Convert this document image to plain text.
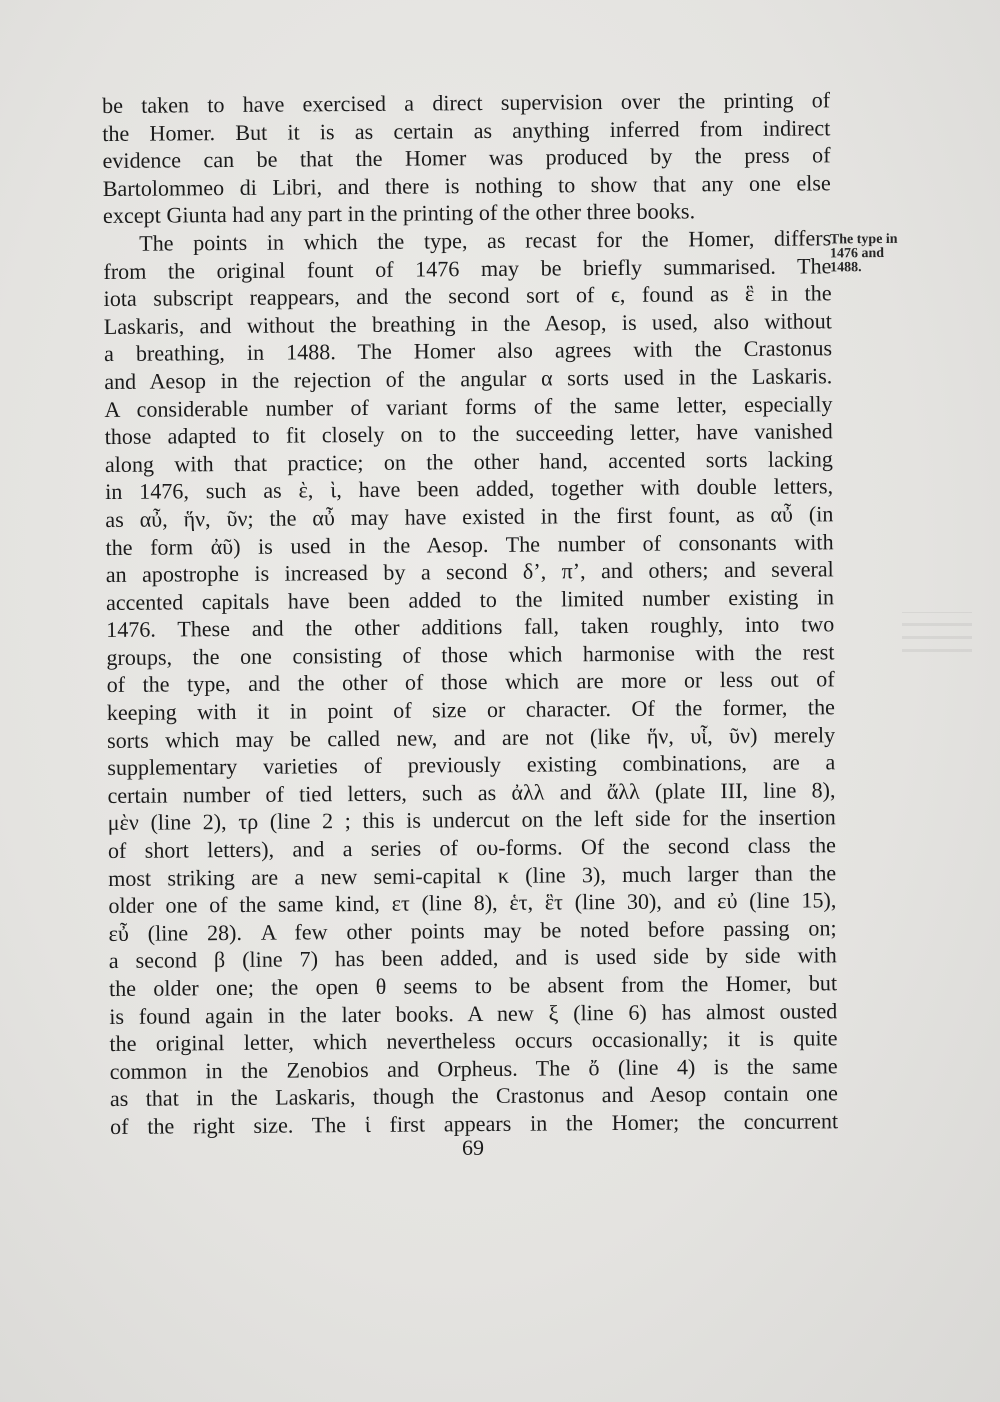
be taken to have exercised a direct supervision over the printing of
the Homer. But it is as certain as anything inferred from indirect
evidence can be that the Homer was produced by the press of
Bartolommeo di Libri, and there is nothing to show that any one else
except Giunta had any part in the printing of the other three books.
The points in which the type, as recast for the Homer, differs
from the original fount of 1476 may be briefly summarised. The
iota subscript reappears, and the second sort of ϵ, found as ἓ in the
Laskaris, and without the breathing in the Aesop, is used, also without
a breathing, in 1488. The Homer also agrees with the Crastonus
and Aesop in the rejection of the angular α sorts used in the Laskaris.
A considerable number of variant forms of the same letter, especially
those adapted to fit closely on to the succeeding letter, have vanished
along with that practice; on the other hand, accented sorts lacking
in 1476, such as ὲ, ὶ, have been added, together with double letters,
as αὖ, ἥν, ῦν; the αὖ may have existed in the first fount, as αὖ (in
the form ἀῦ) is used in the Aesop. The number of consonants with
an apostrophe is increased by a second δ’, π’, and others; and several
accented capitals have been added to the limited number existing in
1476. These and the other additions fall, taken roughly, into two
groups, the one consisting of those which harmonise with the rest
of the type, and the other of those which are more or less out of
keeping with it in point of size or character. Of the former, the
sorts which may be called new, and are not (like ἥν, υἷ, ῦν) merely
supplementary varieties of previously existing combinations, are a
certain number of tied letters, such as ἀλλ and ἄλλ (plate III, line 8),
μὲν (line 2), τρ (line 2 ; this is undercut on the left side for the insertion
of short letters), and a series of ου-forms. Of the second class the
most striking are a new semi-capital κ (line 3), much larger than the
older one of the same kind, ετ (line 8), ἑτ, ἓτ (line 30), and εὐ (line 15),
εὖ (line 28). A few other points may be noted before passing on;
a second β (line 7) has been added, and is used side by side with
the older one; the open θ seems to be absent from the Homer, but
is found again in the later books. A new ξ (line 6) has almost ousted
the original letter, which nevertheless occurs occasionally; it is quite
common in the Zenobios and Orpheus. The ὄ (line 4) is the same
as that in the Laskaris, though the Crastonus and Aesop contain one
of the right size. The ἱ first appears in the Homer; the concurrent
The type in
1476 and
1488.
69
